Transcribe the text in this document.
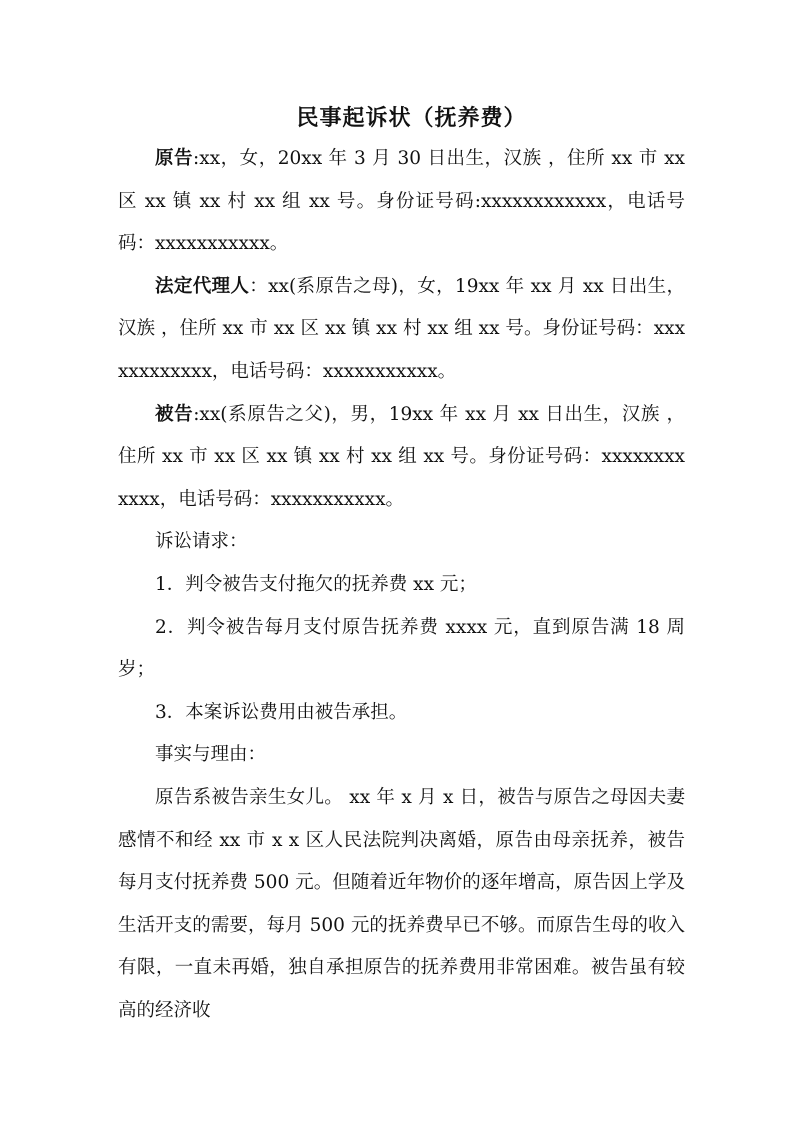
民事起诉状（抚养费）

原告:xx，女，20xx 年 3 月 30 日出生，汉族 ，住所 xx 市 xx 区 xx 镇 xx 村 xx 组 xx 号。身份证号码:xxxxxxxxxxxx，电话号码：xxxxxxxxxxx。

法定代理人：xx(系原告之母)，女，19xx 年 xx 月 xx 日出生，汉族 ，住所 xx 市 xx 区 xx 镇 xx 村 xx 组 xx 号。身份证号码：xxxxxxxxxxxx，电话号码：xxxxxxxxxxx。

被告:xx(系原告之父)，男，19xx 年 xx 月 xx 日出生，汉族 ，住所 xx 市 xx 区 xx 镇 xx 村 xx 组 xx 号。身份证号码：xxxxxxxxxxxx，电话号码：xxxxxxxxxxx。

诉讼请求：

1．判令被告支付拖欠的抚养费 xx 元；

2．判令被告每月支付原告抚养费 xxxx 元，直到原告满 18 周岁；

3．本案诉讼费用由被告承担。

事实与理由：

原告系被告亲生女儿。 xx 年 x 月 x 日，被告与原告之母因夫妻感情不和经 xx 市 x x 区人民法院判决离婚，原告由母亲抚养，被告每月支付抚养费 500 元。但随着近年物价的逐年增高，原告因上学及生活开支的需要，每月 500 元的抚养费早已不够。而原告生母的收入有限，一直未再婚，独自承担原告的抚养费用非常困难。被告虽有较高的经济收
